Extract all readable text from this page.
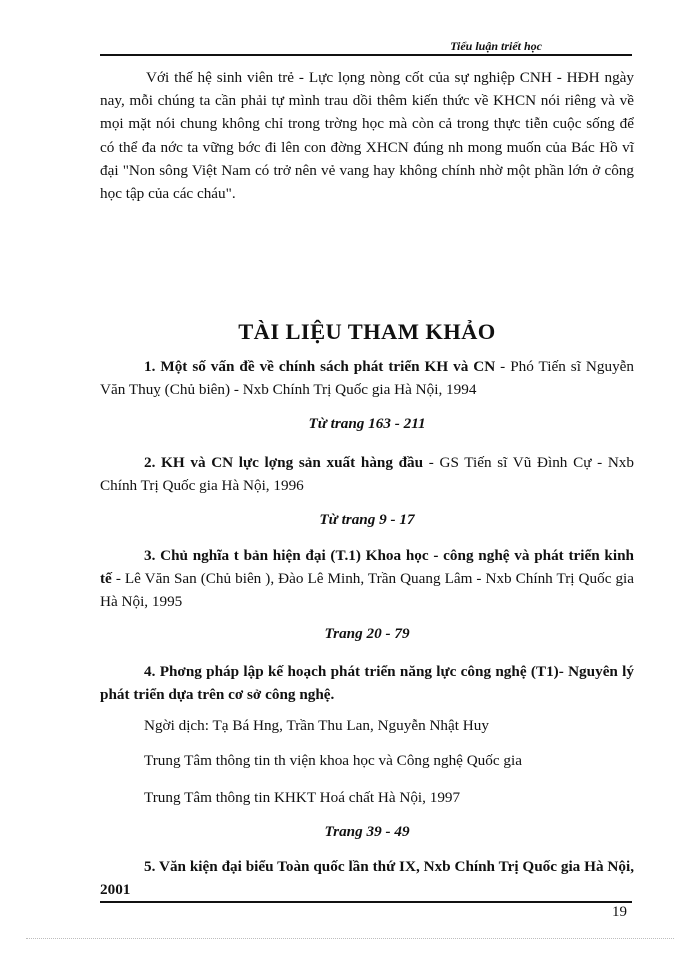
Tiểu luận triết học

Với thế hệ sinh viên trẻ - Lực lọng nòng cốt của sự nghiệp CNH - HĐH ngày nay, mỗi chúng ta cần phải tự mình trau dồi thêm kiến thức về KHCN nói riêng và về mọi mặt nói chung không chỉ trong trờng học mà còn cả trong thực tiễn cuộc sống để có thể đa nớc ta vững bớc đi lên con đờng XHCN đúng nh mong muốn của Bác Hồ vĩ đại "Non sông Việt Nam có trở nên vẻ vang hay không chính nhờ một phần lớn ở công học tập của các cháu".

TÀI LIỆU THAM KHẢO

1. Một số vấn đề về chính sách phát triển KH và CN - Phó Tiến sĩ Nguyễn Văn Thuỵ (Chủ biên) - Nxb Chính Trị Quốc gia Hà Nội, 1994

Từ trang 163 - 211

2. KH và CN lực lợng sản xuất hàng đầu - GS Tiến sĩ Vũ Đình Cự - Nxb Chính Trị Quốc gia Hà Nội, 1996

Từ trang 9 - 17

3. Chủ nghĩa t bản hiện đại (T.1) Khoa học - công nghệ và phát triển kinh tế - Lê Văn San (Chủ biên ), Đào Lê Minh, Trần Quang Lâm - Nxb Chính Trị Quốc gia Hà Nội, 1995

Trang 20 - 79

4. Phơng pháp lập kế hoạch phát triển năng lực công nghệ (T1)- Nguyên lý phát triển dựa trên cơ sở công nghệ.

Ngời dịch: Tạ Bá Hng, Trần Thu Lan, Nguyễn Nhật Huy

Trung Tâm thông tin th viện khoa học và Công nghệ Quốc gia

Trung Tâm thông tin KHKT Hoá chất Hà Nội, 1997

Trang 39 - 49

5. Văn kiện đại biểu Toàn quốc lần thứ IX, Nxb Chính Trị Quốc gia Hà Nội, 2001

19
